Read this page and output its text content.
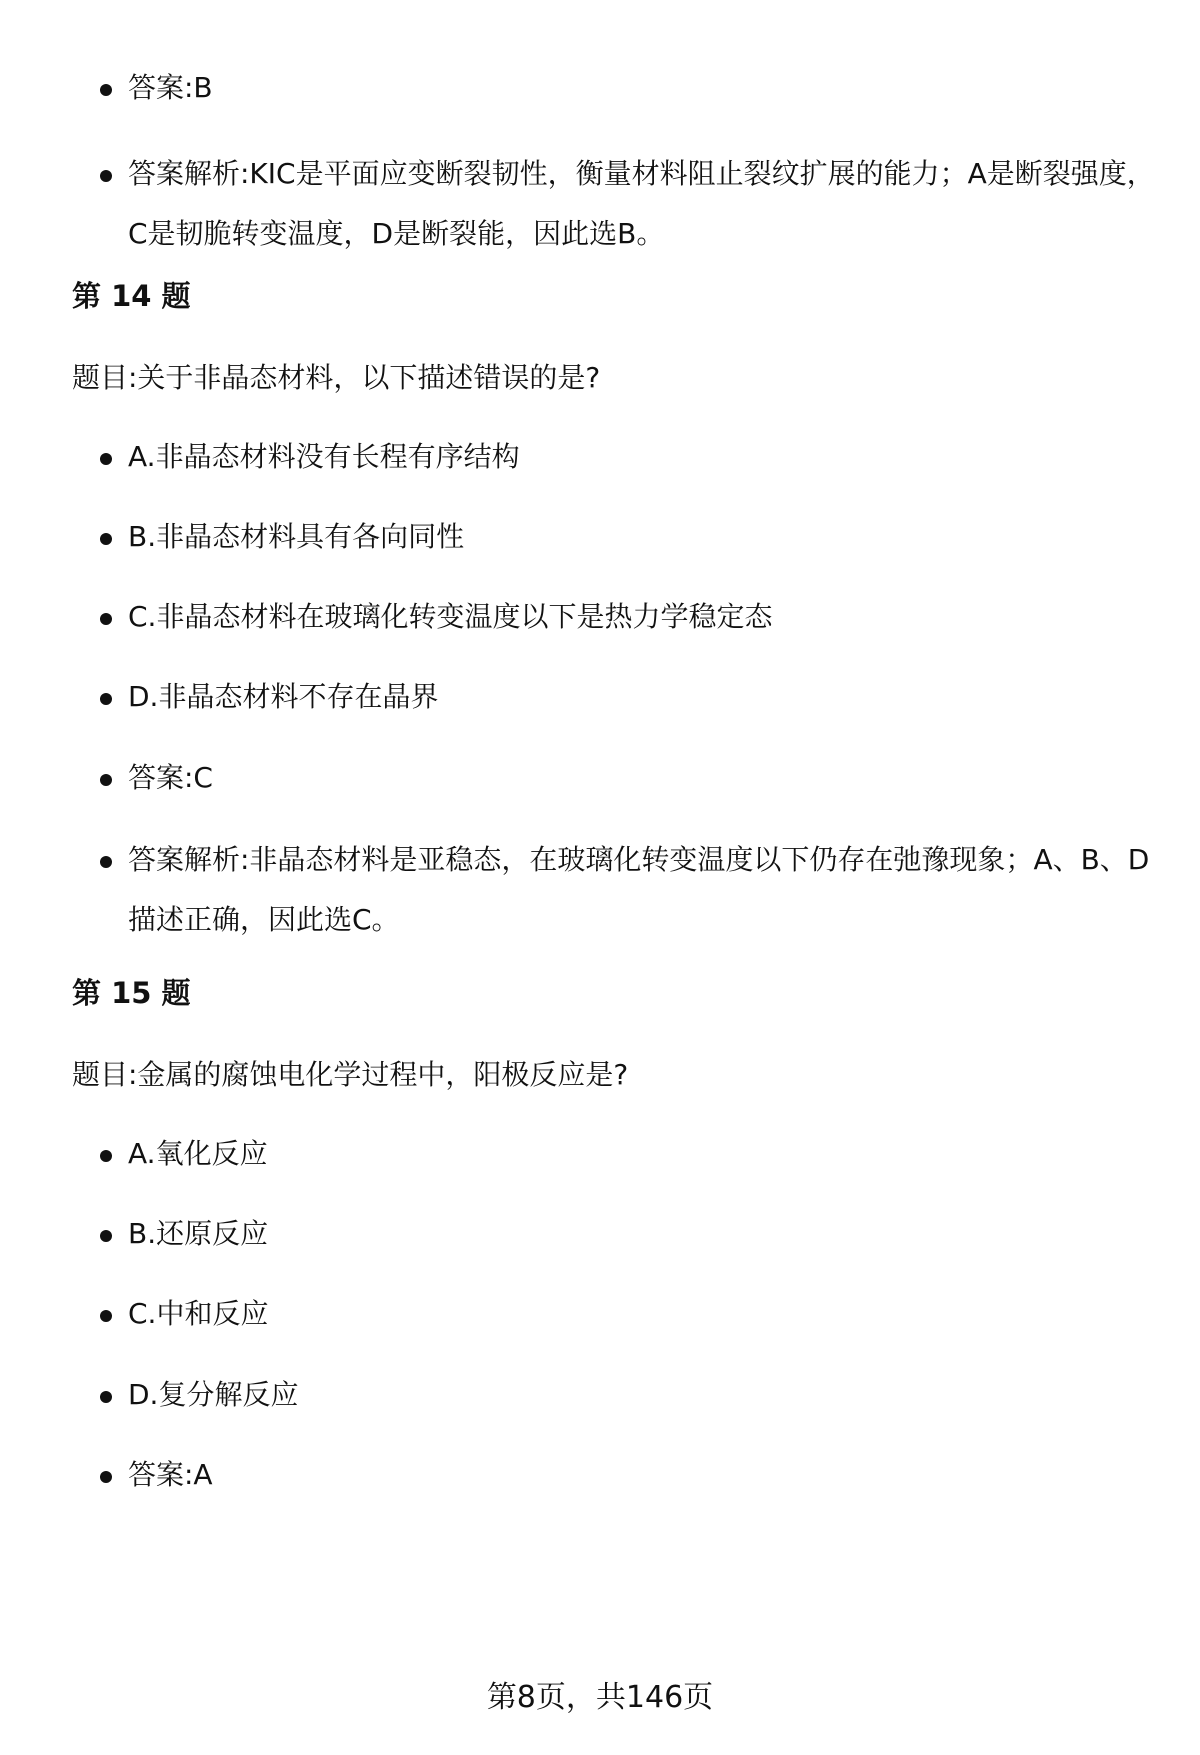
答案:B
答案解析:KIC是平面应变断裂韧性，衡量材料阻止裂纹扩展的能力；A是断裂强度，C是韧脆转变温度，D是断裂能，因此选B。
第 14 题
题目:关于非晶态材料，以下描述错误的是?
A.非晶态材料没有长程有序结构
B.非晶态材料具有各向同性
C.非晶态材料在玻璃化转变温度以下是热力学稳定态
D.非晶态材料不存在晶界
答案:C
答案解析:非晶态材料是亚稳态，在玻璃化转变温度以下仍存在弛豫现象；A、B、D描述正确，因此选C。
第 15 题
题目:金属的腐蚀电化学过程中，阳极反应是?
A.氧化反应
B.还原反应
C.中和反应
D.复分解反应
答案:A
第8页，共146页
